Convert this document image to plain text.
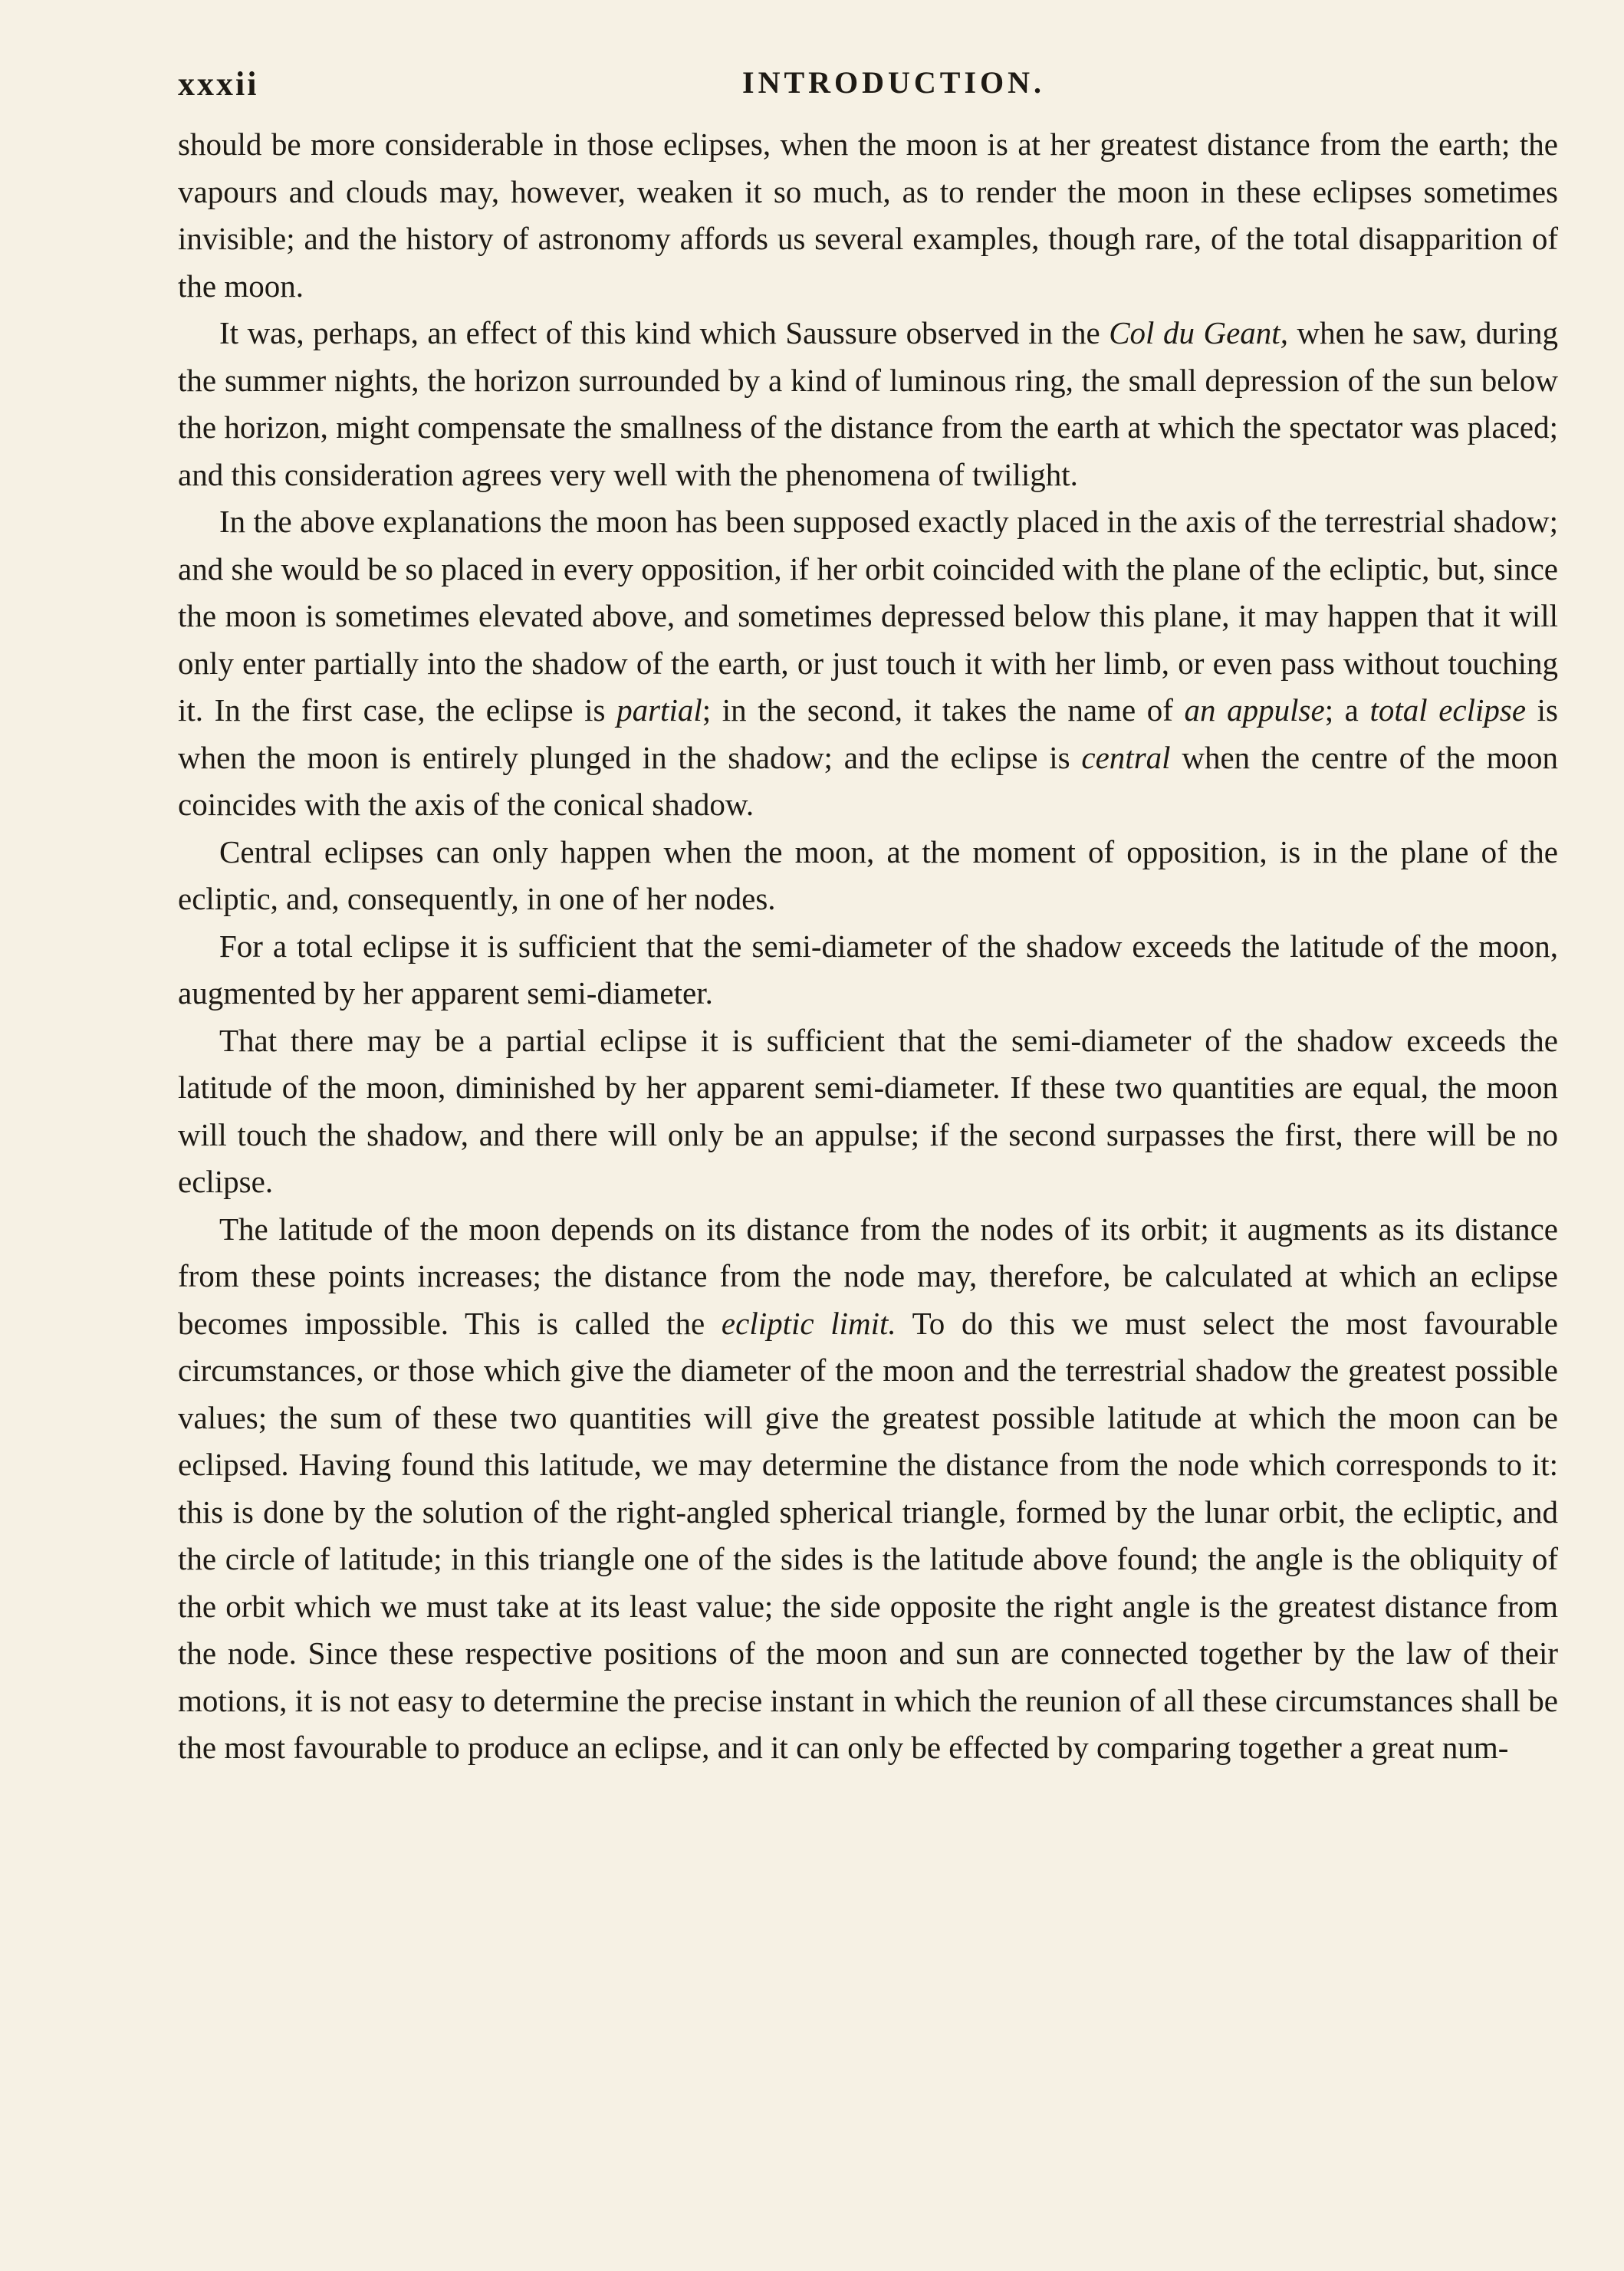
xxxii	INTRODUCTION.

should be more considerable in those eclipses, when the moon is at her greatest distance from the earth; the vapours and clouds may, however, weaken it so much, as to render the moon in these eclipses sometimes invisible; and the history of astronomy affords us several examples, though rare, of the total disapparition of the moon.

It was, perhaps, an effect of this kind which Saussure observed in the Col du Geant, when he saw, during the summer nights, the horizon surrounded by a kind of luminous ring, the small depression of the sun below the horizon, might compensate the smallness of the distance from the earth at which the spectator was placed; and this consideration agrees very well with the phenomena of twilight.

In the above explanations the moon has been supposed exactly placed in the axis of the terrestrial shadow; and she would be so placed in every opposition, if her orbit coincided with the plane of the ecliptic, but, since the moon is sometimes elevated above, and sometimes depressed below this plane, it may happen that it will only enter partially into the shadow of the earth, or just touch it with her limb, or even pass without touching it. In the first case, the eclipse is partial; in the second, it takes the name of an appulse; a total eclipse is when the moon is entirely plunged in the shadow; and the eclipse is central when the centre of the moon coincides with the axis of the conical shadow.

Central eclipses can only happen when the moon, at the moment of opposition, is in the plane of the ecliptic, and, consequently, in one of her nodes.

For a total eclipse it is sufficient that the semi-diameter of the shadow exceeds the latitude of the moon, augmented by her apparent semi-diameter.

That there may be a partial eclipse it is sufficient that the semi-diameter of the shadow exceeds the latitude of the moon, diminished by her apparent semi-diameter. If these two quantities are equal, the moon will touch the shadow, and there will only be an appulse; if the second surpasses the first, there will be no eclipse.

The latitude of the moon depends on its distance from the nodes of its orbit; it augments as its distance from these points increases; the distance from the node may, therefore, be calculated at which an eclipse becomes impossible. This is called the ecliptic limit. To do this we must select the most favourable circumstances, or those which give the diameter of the moon and the terrestrial shadow the greatest possible values; the sum of these two quantities will give the greatest possible latitude at which the moon can be eclipsed. Having found this latitude, we may determine the distance from the node which corresponds to it: this is done by the solution of the right-angled spherical triangle, formed by the lunar orbit, the ecliptic, and the circle of latitude; in this triangle one of the sides is the latitude above found; the angle is the obliquity of the orbit which we must take at its least value; the side opposite the right angle is the greatest distance from the node. Since these respective positions of the moon and sun are connected together by the law of their motions, it is not easy to determine the precise instant in which the reunion of all these circumstances shall be the most favourable to produce an eclipse, and it can only be effected by comparing together a great num-
